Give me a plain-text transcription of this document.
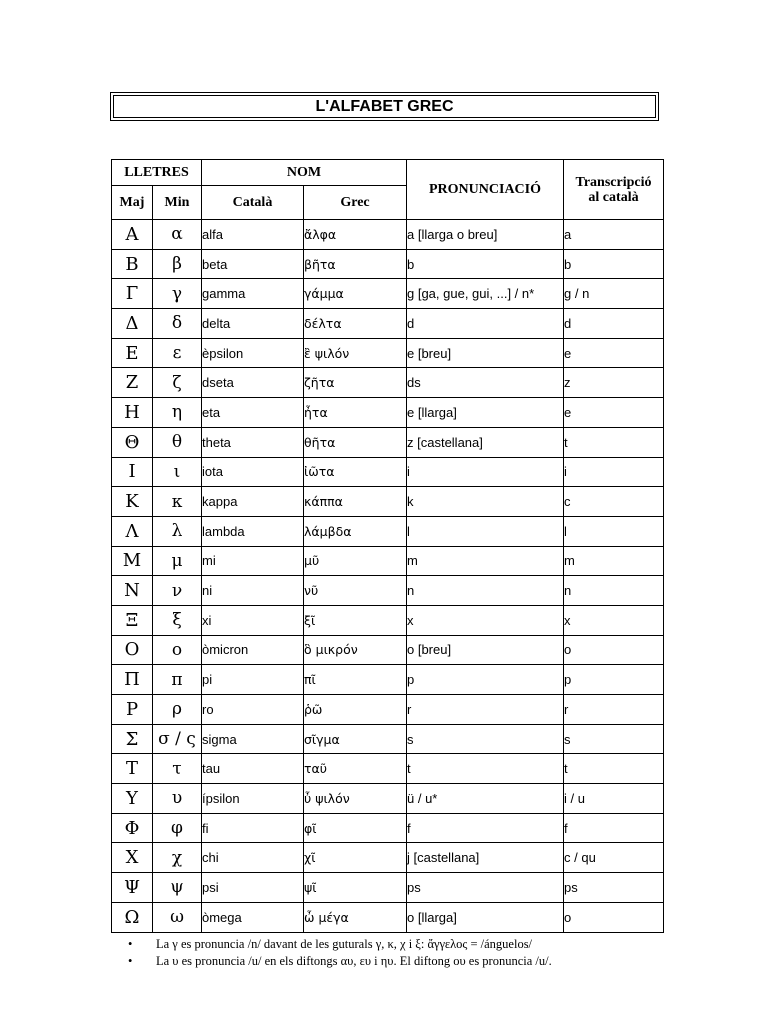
L'ALFABET GREC
LLETRES		NOM		PRONUNCIACIÓ	Transcripció
al català

Maj	Min	Català	Grec		
Α	α	alfa	ἄλφα	a [llarga o breu]	a
Β	β	beta	βῆτα	b	b
Γ	γ	gamma	γάμμα	g [ga, gue, gui, ...] / n*	g / n
Δ	δ	delta	δέλτα	d	d
Ε	ε	èpsilon	ἒ ψιλόν	e [breu]	e
Ζ	ζ	dseta	ζῆτα	ds	z
Η	η	eta	ἦτα	e [llarga]	e
Θ	θ	theta	θῆτα	z [castellana]	t
Ι	ι	iota	ἰῶτα	i	i
Κ	κ	kappa	κάππα	k	c
Λ	λ	lambda	λάμβδα	l	l
Μ	μ	mi	μῦ	m	m
Ν	ν	ni	νῦ	n	n
Ξ	ξ	xi	ξῖ	x	x
Ο	ο	òmicron	ὃ μικρόν	o [breu]	o
Π	π	pi	πῖ	p	p
Ρ	ρ	ro	ῥῶ	r	r
Σ	σ / ς	sigma	σῖγμα	s	s
Τ	τ	tau	ταῦ	t	t
Υ	υ	ípsilon	ὖ ψιλόν	ü / u*	i / u
Φ	φ	fi	φῖ	f	f
Χ	χ	chi	χῖ	j [castellana]	c / qu
Ψ	ψ	psi	ψῖ	ps	ps
Ω	ω	òmega	ὦ μέγα	o [llarga]	o
• La γ es pronuncia /n/ davant de les guturals γ, κ, χ i ξ: ἄγγελος = /ánguelos/
• La υ es pronuncia /u/ en els diftongs αυ, ευ i ηυ. El diftong ου es pronuncia /u/.
